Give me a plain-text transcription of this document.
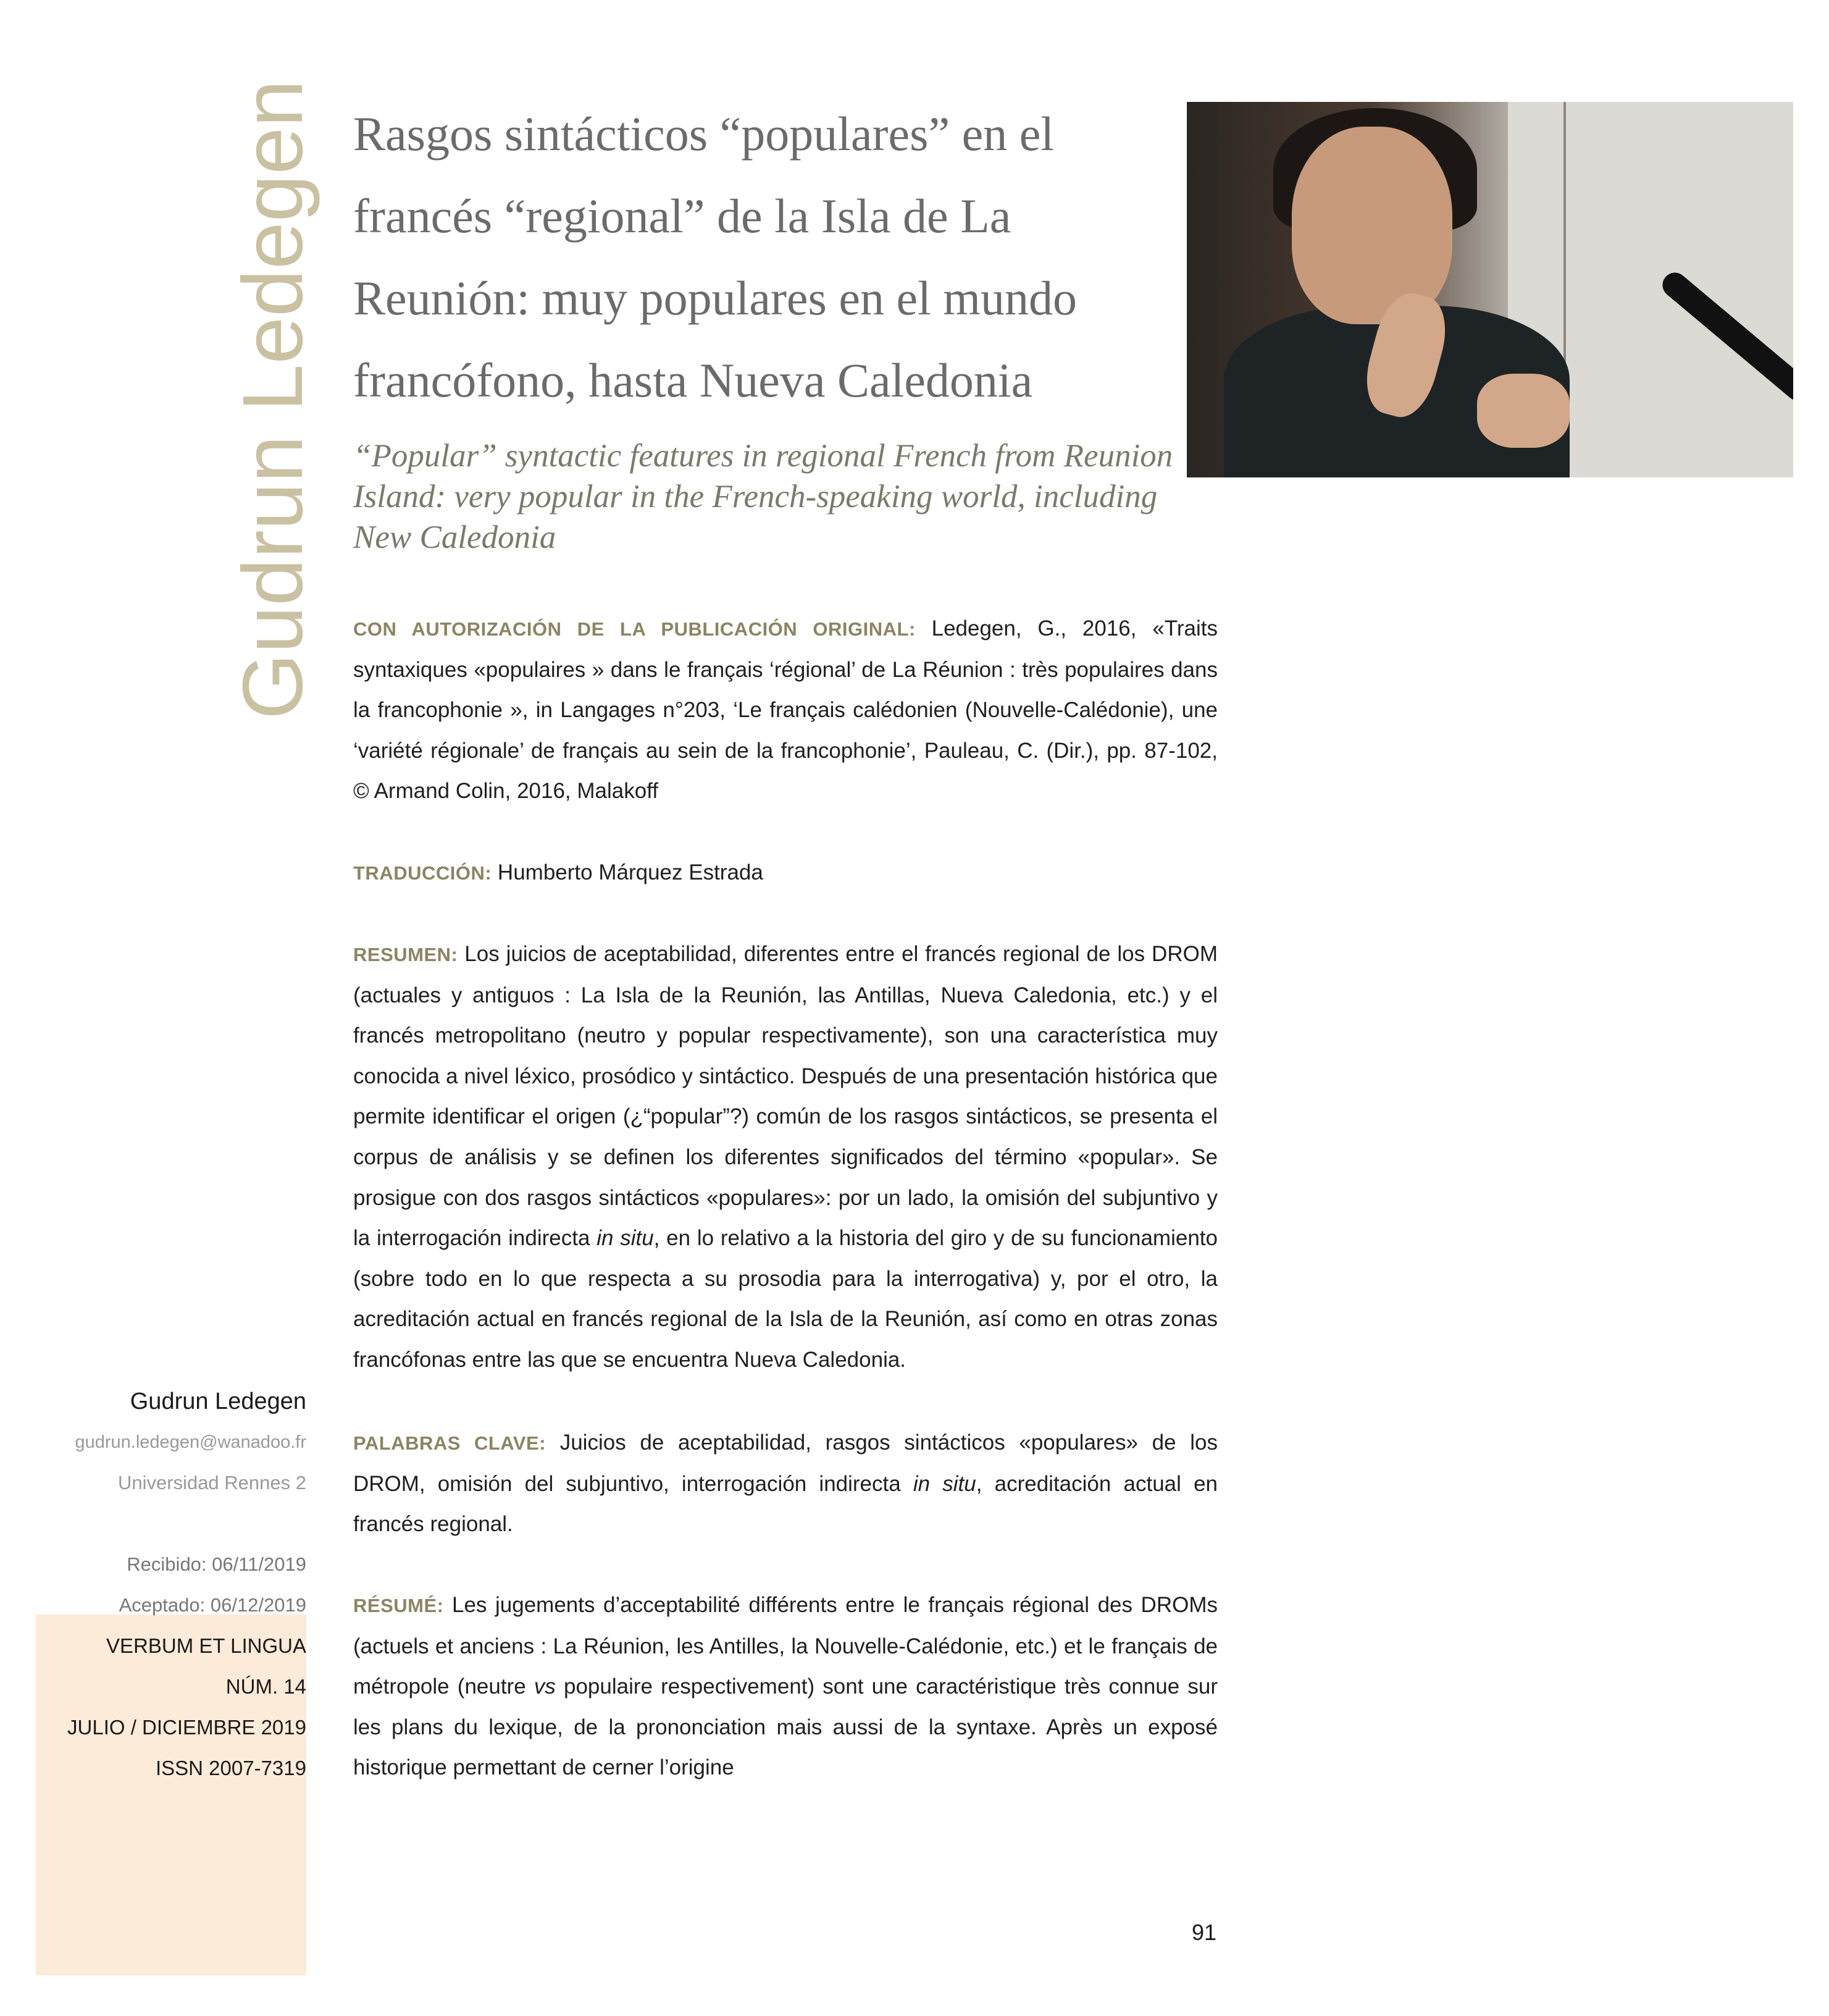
Gudrun Ledegen Rasgos sintácticos “populares” en el francés “regional” de la Isla de La Reunión: muy populares en el mundo francófono, hasta Nueva Caledonia

“Popular” syntactic features in regional French from Reunion Island: very popular in the French-speaking world, including New Caledonia

CON AUTORIZACIÓN DE LA PUBLICACIÓN ORIGINAL: Ledegen, G., 2016, «Traits syntaxiques «populaires » dans le français ‘régional’ de La Réunion : très populaires dans la francophonie », in Langages n°203, ‘Le français calédonien (Nouvelle-Calédonie), une ‘variété régionale’ de français au sein de la francophonie’, Pauleau, C. (Dir.), pp. 87-102, © Armand Colin, 2016, Malakoff

TRADUCCIÓN: Humberto Márquez Estrada

RESUMEN: Los juicios de aceptabilidad, diferentes entre el francés regional de los DROM (actuales y antiguos : La Isla de la Reunión, las Antillas, Nueva Caledonia, etc.) y el francés metropolitano (neutro y popular respectivamente), son una característica muy conocida a nivel léxico, prosódico y sintáctico. Después de una presentación histórica que permite identificar el origen (¿“popular”?) común de los rasgos sintácticos, se presenta el corpus de análisis y se definen los diferentes significados del término «popular». Se prosigue con dos rasgos sintácticos «populares»: por un lado, la omisión del subjuntivo y la interrogación indirecta in situ, en lo relativo a la historia del giro y de su funcionamiento (sobre todo en lo que respecta a su prosodia para la interrogativa) y, por el otro, la acreditación actual en francés regional de la Isla de la Reunión, así como en otras zonas francófonas entre las que se encuentra Nueva Caledonia.

PALABRAS CLAVE: Juicios de aceptabilidad, rasgos sintácticos «populares» de los DROM, omisión del subjuntivo, interrogación indirecta in situ, acreditación actual en francés regional.

RÉSUMÉ: Les jugements d’acceptabilité différents entre le français régional des DROMs (actuels et anciens : La Réunion, les Antilles, la Nouvelle-Calédonie, etc.) et le français de métropole (neutre vs populaire respectivement) sont une caractéristique très connue sur les plans du lexique, de la prononciation mais aussi de la syntaxe. Après un exposé historique permettant de cerner l’origine

Gudrun Ledegen
gudrun.ledegen@wanadoo.fr
Universidad Rennes 2
Recibido: 06/11/2019
Aceptado: 06/12/2019
VERBUM ET LINGUA
NÚM. 14
JULIO / DICIEMBRE 2019
ISSN 2007-7319
91
